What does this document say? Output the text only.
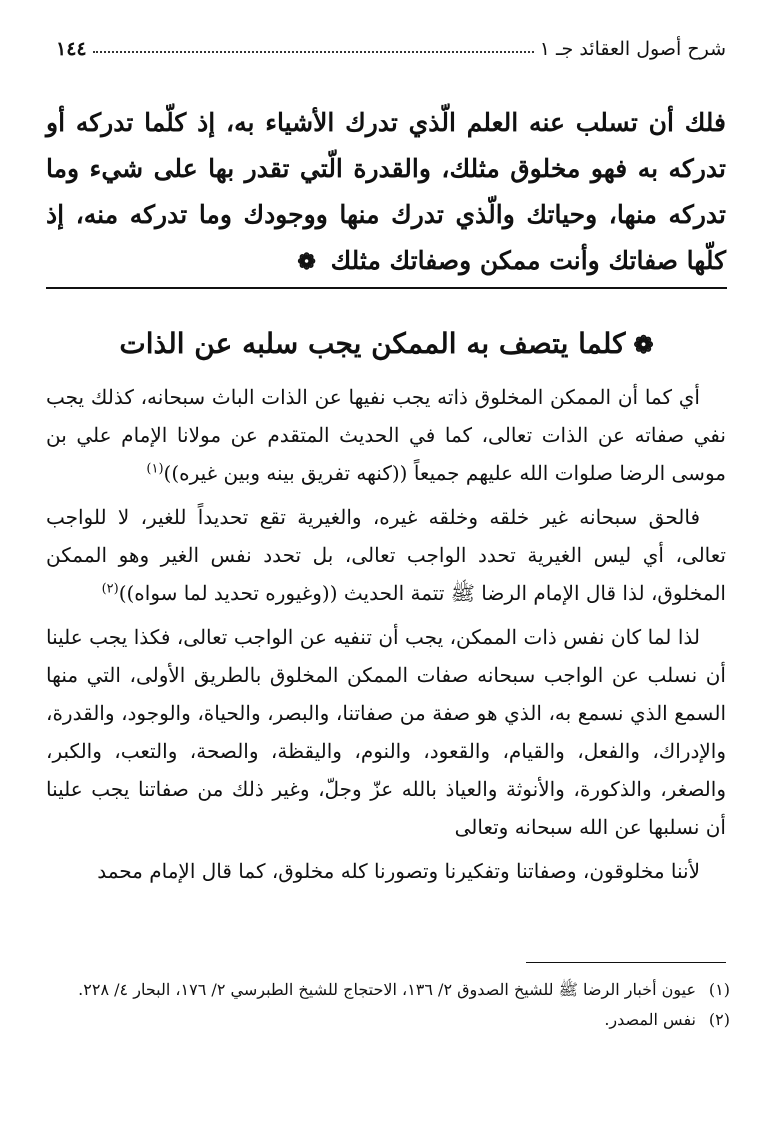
شرح أصول العقائد جـ ١
١٤٤
فلك أن تسلب عنه العلم الّذي تدرك الأشياء به، إذ كلّما تدركه أو تدركه به فهو مخلوق مثلك، والقدرة الّتي تقدر بها على شيء وما تدركه منها، وحياتك والّذي تدرك منها ووجودك وما تدركه منه، إذ كلّها صفاتك وأنت ممكن وصفاتك مثلك ❁
❁كلما يتصف به الممكن يجب سلبه عن الذات

أي كما أن الممكن المخلوق ذاته يجب نفيها عن الذات الباث سبحانه، كذلك يجب نفي صفاته عن الذات تعالى، كما في الحديث المتقدم عن مولانا الإمام علي بن موسى الرضا صلوات الله عليهم جميعاً ((كنهه تفريق بينه وبين غيره))$^{(١)}$

فالحق سبحانه غير خلقه وخلقه غيره، والغيرية تقع تحديداً للغير، لا للواجب تعالى، أي ليس الغيرية تحدد الواجب تعالى، بل تحدد نفس الغير وهو الممكن المخلوق، لذا قال الإمام الرضا ﷺ تتمة الحديث ((وغيوره تحديد لما سواه))$^{(٢)}$

لذا لما كان نفس ذات الممكن، يجب أن تنفيه عن الواجب تعالى، فكذا يجب علينا أن نسلب عن الواجب سبحانه صفات الممكن المخلوق بالطريق الأولى، التي منها السمع الذي نسمع به، الذي هو صفة من صفاتنا، والبصر، والحياة، والوجود، والقدرة، والإدراك، والفعل، والقيام، والقعود، والنوم، واليقظة، والصحة، والتعب، والكبر، والصغر، والذكورة، والأنوثة والعياذ بالله عزّ وجلّ، وغير ذلك من صفاتنا يجب علينا أن نسلبها عن الله سبحانه وتعالى

لأننا مخلوقون، وصفاتنا وتفكيرنا وتصورنا كله مخلوق، كما قال الإمام محمد

(١)عيون أخبار الرضا ﷺ للشيخ الصدوق ٢/ ١٣٦، الاحتجاج للشيخ الطبرسي ٢/ ١٧٦، البحار ٤/ ٢٢٨.

(٢)نفس المصدر.
